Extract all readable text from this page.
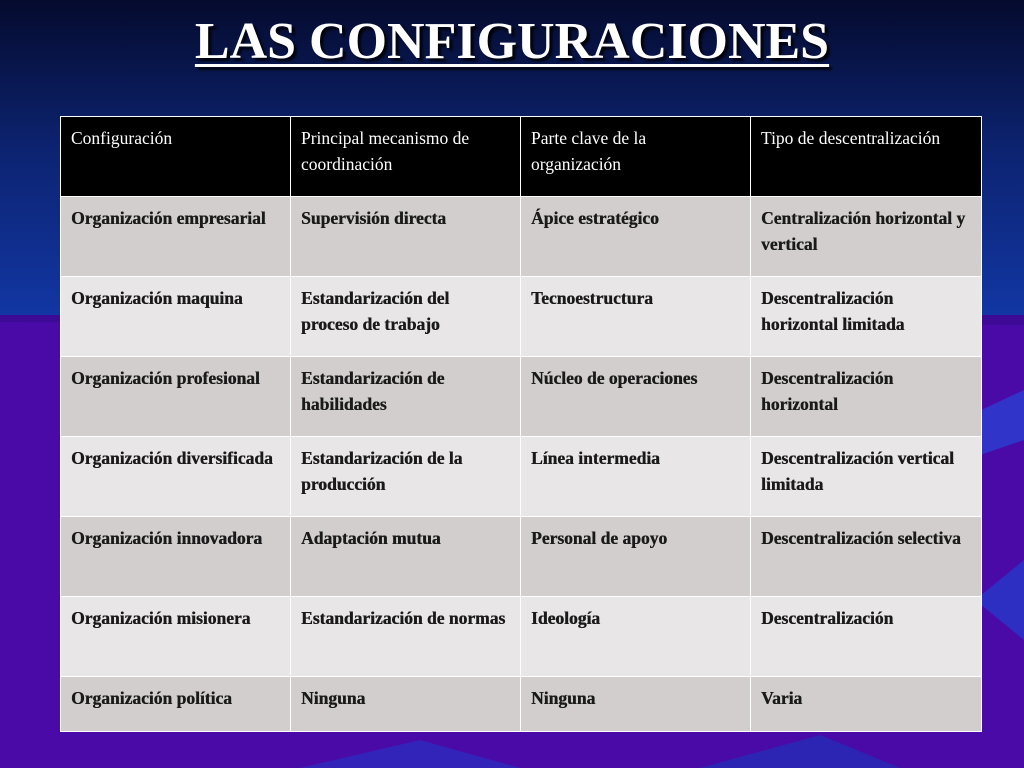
LAS CONFIGURACIONES
Configuración	Principal mecanismo de coordinación	Parte clave de la organización	Tipo de descentralización
Organización empresarial	Supervisión directa	Ápice estratégico	Centralización horizontal y vertical
Organización maquina	Estandarización del proceso de trabajo	Tecnoestructura	Descentralización horizontal limitada
Organización profesional	Estandarización de habilidades	Núcleo de operaciones	Descentralización horizontal
Organización diversificada	Estandarización de la producción	Línea intermedia	Descentralización vertical limitada
Organización innovadora	Adaptación mutua	Personal de apoyo	Descentralización selectiva
Organización misionera	Estandarización de normas	Ideología	Descentralización
Organización política	Ninguna	Ninguna	Varia
